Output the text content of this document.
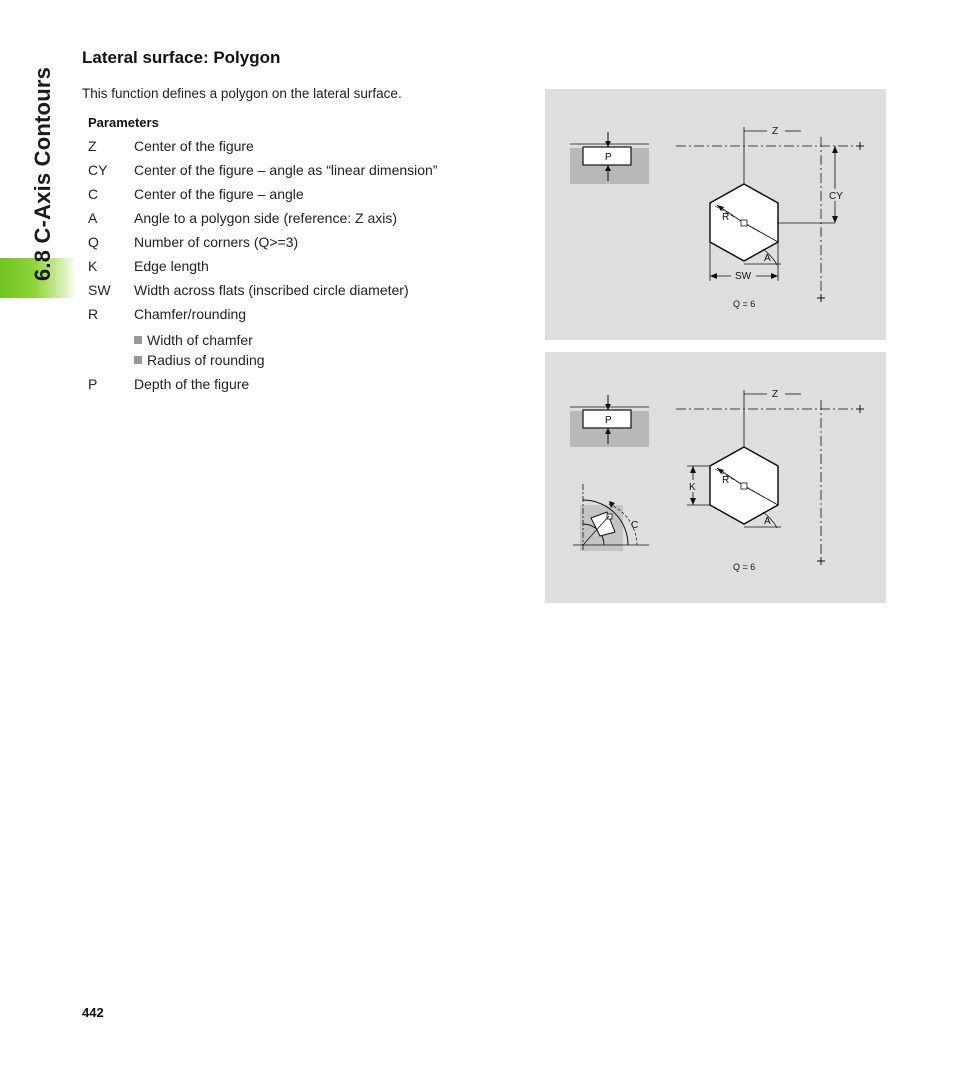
6.8 C-Axis Contours
Lateral surface: Polygon
This function defines a polygon on the lateral surface.
Parameters
Z	Center of the figure
CY	Center of the figure – angle as “linear dimension”
C	Center of the figure – angle
A	Angle to a polygon side (reference: Z axis)
Q	Number of corners (Q>=3)
K	Edge length
SW	Width across flats (inscribed circle diameter)
R	Chamfer/rounding
Width of chamfer
Radius of rounding
P	Depth of the figure
P
Z
CY
R
A
SW
Q = 6
P
Z
R
A
K
C
Q = 6
442
